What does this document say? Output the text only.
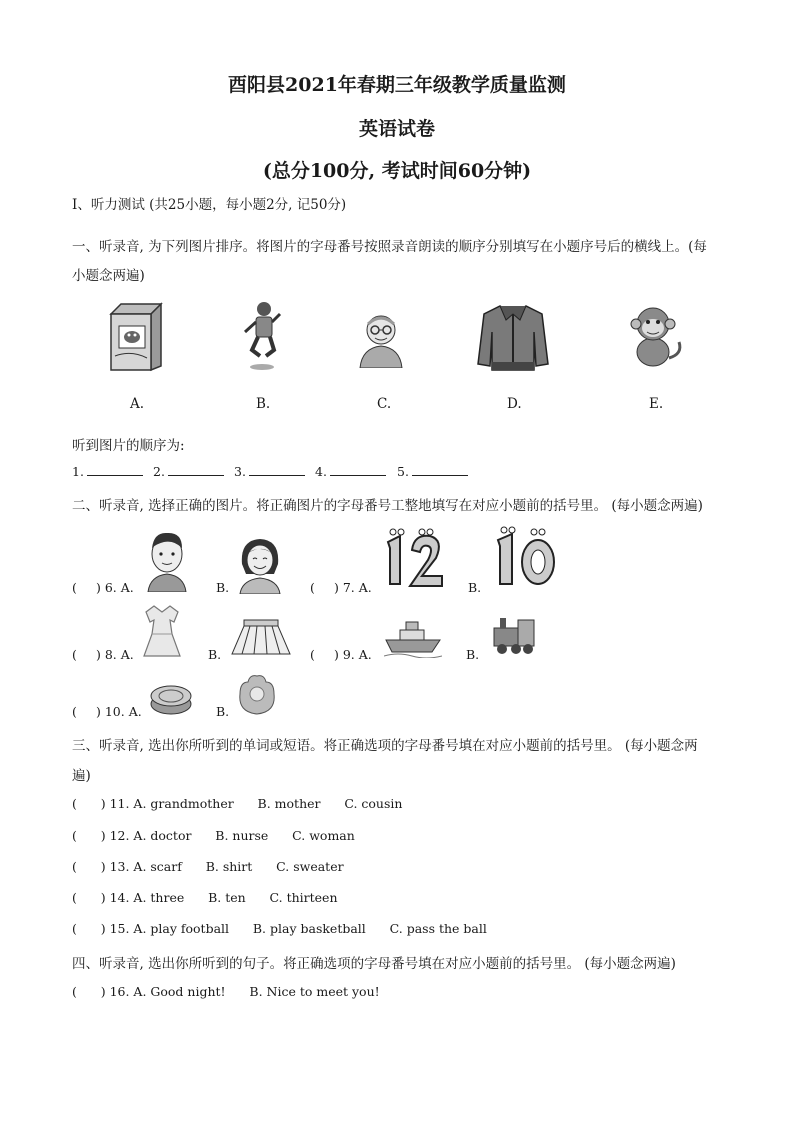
酉阳县2021年春期三年级教学质量监测
英语试卷
(总分100分, 考试时间60分钟)
I、听力测试 (共25小题，每小题2分, 记50分)
一、听录音, 为下列图片排序。将图片的字母番号按照录音朗读的顺序分别填写在小题序号后的横线上。(每
小题念两遍)
A.	B.	C.	D.	E.
听到图片的顺序为:
1.	2.	3.	4.	5.
二、听录音, 选择正确的图片。将正确图片的字母番号工整地填写在对应小题前的括号里。 (每小题念两遍)
( ) 6. A.	B.	( ) 7. A.	B.
( ) 8. A.	B.	( ) 9. A.	B.
( ) 10. A.	B.
三、听录音, 选出你所听到的单词或短语。将正确选项的字母番号填在对应小题前的括号里。 (每小题念两
遍)
(      ) 11. A. grandmother      B. mother      C. cousin
(      ) 12. A. doctor      B. nurse      C. woman
(      ) 13. A. scarf      B. shirt      C. sweater
(      ) 14. A. three      B. ten      C. thirteen
(      ) 15. A. play football      B. play basketball      C. pass the ball
四、听录音, 选出你所听到的句子。将正确选项的字母番号填在对应小题前的括号里。 (每小题念两遍)
(      ) 16. A. Good night!      B. Nice to meet you!
